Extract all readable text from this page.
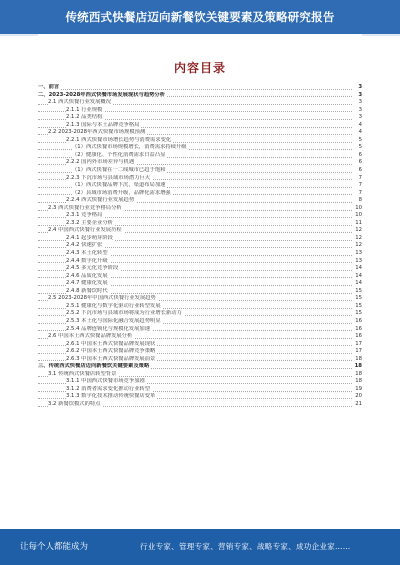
传统西式快餐店迈向新餐饮关键要素及策略研究报告
内容目录
一、前言	3
二、2023-2028年西式快餐市场发展现状与趋势分析	3
2.1 西式快餐行业发展概况	3
2.1.1 行业规模	3
2.1.2 品类结构	3
2.1.3 国际与本土品牌竞争格局	4
2.2 2023-2028年西式快餐市场规模预测	4
2.2.1 西式快餐市场增长趋势与消费需求变化	5
（1）西式快餐市场规模增长，消费需求持续升级	5
（2）健康化、个性化消费需求日益凸显	6
2.2.2 国内外市场差异与机遇	6
（1）西式快餐在一二线城市已趋于饱和	6
2.2.3 下沉市场与县域市场潜力巨大	7
（1）西式快餐品牌下沉，渠道布局加速	7
（2）县域市场消费升级，品牌化需求增强	7
2.2.4 西式快餐行业发展趋势	8
2.3 西式快餐行业竞争格局分析	10
2.3.1 竞争格局	10
2.3.2 主要企业分析	11
2.4 中国西式快餐行业发展历程	12
2.4.1 起步萌芽阶段	12
2.4.2 快速扩张	12
2.4.3 本土化转型	13
2.4.4 数字化升级	13
2.4.5 多元化竞争阶段	14
2.4.6 品质化发展	14
2.4.7 健康化发展	14
2.4.8 新餐饮时代	15
2.5 2023-2028年中国西式快餐行业发展趋势	15
2.5.1 健康化与数字化驱动行业转型发展	15
2.5.2 下沉市场与县域市场将成为行业增长新动力	15
2.5.3 本土化与国际化融合发展趋势明显	16
2.5.4 品牌连锁化与规模化发展加速	16
2.6 中国本土西式快餐品牌发展分析	16
2.6.1 中国本土西式快餐品牌发展现状	17
2.6.2 中国本土西式快餐品牌竞争策略	17
2.6.3 中国本土西式快餐品牌发展前景	18
三、传统西式快餐店迈向新餐饮关键要素及策略	18
3.1 传统西式快餐店转型背景	18
3.1.1 中国西式快餐市场竞争加剧	18
3.1.2 消费者需求变化推动行业转型	19
3.1.3 数字化技术推动传统快餐店变革	20
3.2 新餐饮模式的特点	21
让每个人都能成为	行业专家、管理专家、营销专家、战略专家、成功企业家……
